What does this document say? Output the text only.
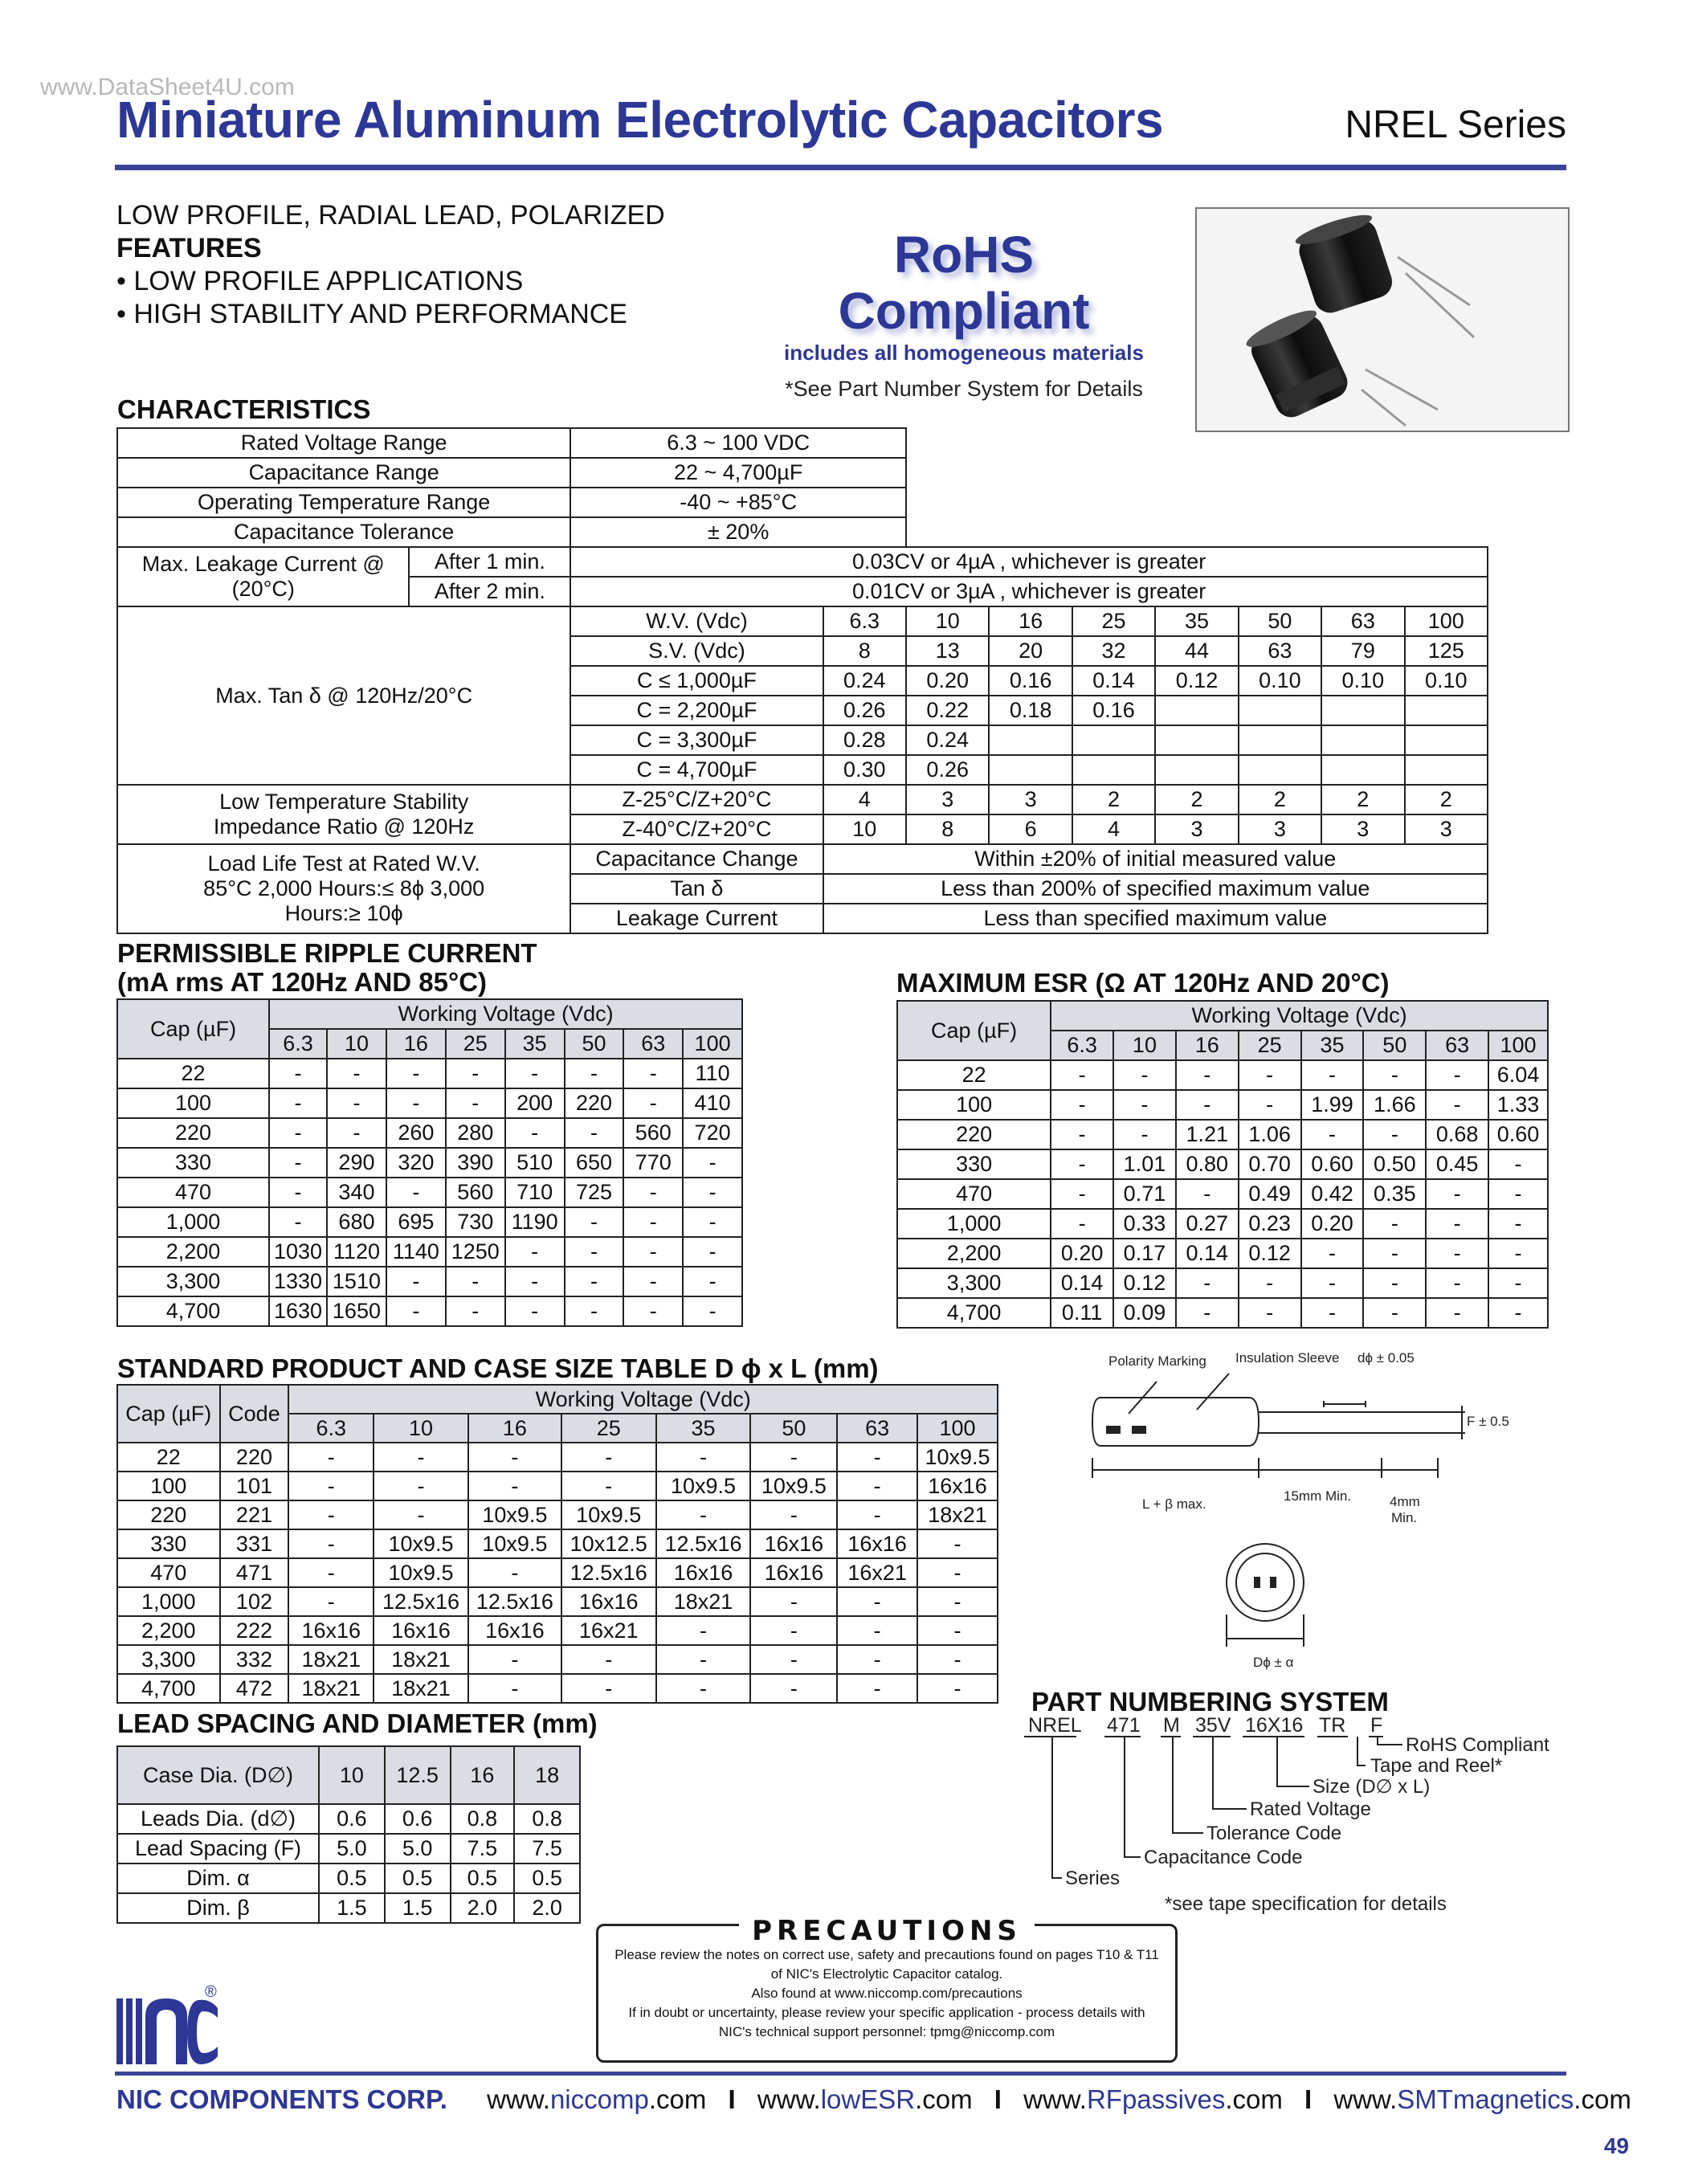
www.DataSheet4U.com
Miniature Aluminum Electrolytic Capacitors	NREL Series
LOW PROFILE, RADIAL LEAD, POLARIZED
FEATURES
• LOW PROFILE APPLICATIONS
• HIGH STABILITY AND PERFORMANCE
RoHS
Compliant
includes all homogeneous materials
*See Part Number System for Details
CHARACTERISTICS
Rated Voltage Range		6.3 ~ 100 VDC								
Capacitance Range		22 ~ 4,700µF								
Operating Temperature Range		-40 ~ +85°C								
Capacitance Tolerance		± 20%								
Max. Leakage Current @ (20°C)	After 1 min.	0.03CV or 4µA , whichever is greater								
	After 2 min.	0.01CV or 3µA , whichever is greater								
Max. Tan δ @ 120Hz/20°C		W.V. (Vdc)	6.3	10	16	25	35	50	63	100
		S.V. (Vdc)	8	13	20	32	44	63	79	125
		C ≤ 1,000µF	0.24	0.20	0.16	0.14	0.12	0.10	0.10	0.10
		C = 2,200µF	0.26	0.22	0.18	0.16				
		C = 3,300µF	0.28	0.24						
		C = 4,700µF	0.30	0.26						
Low Temperature Stability Impedance Ratio @ 120Hz		Z-25°C/Z+20°C	4	3	3	2	2	2	2	2
		Z-40°C/Z+20°C	10	8	6	4	3	3	3	3
Load Life Test at Rated W.V. 85°C 2,000 Hours:≤ 8ϕ 3,000 Hours:≥ 10ϕ		Capacitance Change	Within ±20% of initial measured value							
		Tan δ	Less than 200% of specified maximum value							
		Leakage Current	Less than specified maximum value							
PERMISSIBLE RIPPLE CURRENT
(mA rms AT 120Hz AND 85°C)
Cap (µF)	Working Voltage (Vdc)							
	6.3	10	16	25	35	50	63	100
22	-	-	-	-	-	-	-	110
100	-	-	-	-	200	220	-	410
220	-	-	260	280	-	-	560	720
330	-	290	320	390	510	650	770	-
470	-	340	-	560	710	725	-	-
1,000	-	680	695	730	1190	-	-	-
2,200	1030	1120	1140	1250	-	-	-	-
3,300	1330	1510	-	-	-	-	-	-
4,700	1630	1650	-	-	-	-	-	-
MAXIMUM ESR (Ω AT 120Hz AND 20°C)
Cap (µF)	Working Voltage (Vdc)							
	6.3	10	16	25	35	50	63	100
22	-	-	-	-	-	-	-	6.04
100	-	-	-	-	1.99	1.66	-	1.33
220	-	-	1.21	1.06	-	-	0.68	0.60
330	-	1.01	0.80	0.70	0.60	0.50	0.45	-
470	-	0.71	-	0.49	0.42	0.35	-	-
1,000	-	0.33	0.27	0.23	0.20	-	-	-
2,200	0.20	0.17	0.14	0.12	-	-	-	-
3,300	0.14	0.12	-	-	-	-	-	-
4,700	0.11	0.09	-	-	-	-	-	-
STANDARD PRODUCT AND CASE SIZE TABLE D ϕ x L (mm)
Cap (µF)	Code	Working Voltage (Vdc)							
		6.3	10	16	25	35	50	63	100
22	220	-	-	-	-	-	-	-	10x9.5
100	101	-	-	-	-	10x9.5	10x9.5	-	16x16
220	221	-	-	10x9.5	10x9.5	-	-	-	18x21
330	331	-	10x9.5	10x9.5	10x12.5	12.5x16	16x16	16x16	-
470	471	-	10x9.5	-	12.5x16	16x16	16x16	16x21	-
1,000	102	-	12.5x16	12.5x16	16x16	18x21	-	-	-
2,200	222	16x16	16x16	16x16	16x21	-	-	-	-
3,300	332	18x21	18x21	-	-	-	-	-	-
4,700	472	18x21	18x21	-	-	-	-	-	-
LEAD SPACING AND DIAMETER (mm)
Case Dia. (D∅)	10	12.5	16	18
Leads Dia. (d∅)	0.6	0.6	0.8	0.8
Lead Spacing (F)	5.0	5.0	7.5	7.5
Dim. α	0.5	0.5	0.5	0.5
Dim. β	1.5	1.5	2.0	2.0
Polarity Marking Insulation Sleeve dϕ ± 0.05
F ± 0.5
L + β max.
15mm Min.	4mm
Min.
Dϕ ± α
PART NUMBERING SYSTEM
NREL 471 M 35V 16X16 TR F
RoHS Compliant
Tape and Reel*
Size (D∅ x L)
Rated Voltage
Tolerance Code
Capacitance Code
Series
*see tape specification for details
PRECAUTIONS
Please review the notes on correct use, safety and precautions found on pages T10 & T11
of NIC's Electrolytic Capacitor catalog.
Also found at www.niccomp.com/precautions
If in doubt or uncertainty, please review your specific application - process details with
NIC's technical support personnel: tpmg@niccomp.com
®
NIC COMPONENTS CORP. www.niccomp.com I www.lowESR.com I www.RFpassives.com I www.SMTmagnetics.com
49
